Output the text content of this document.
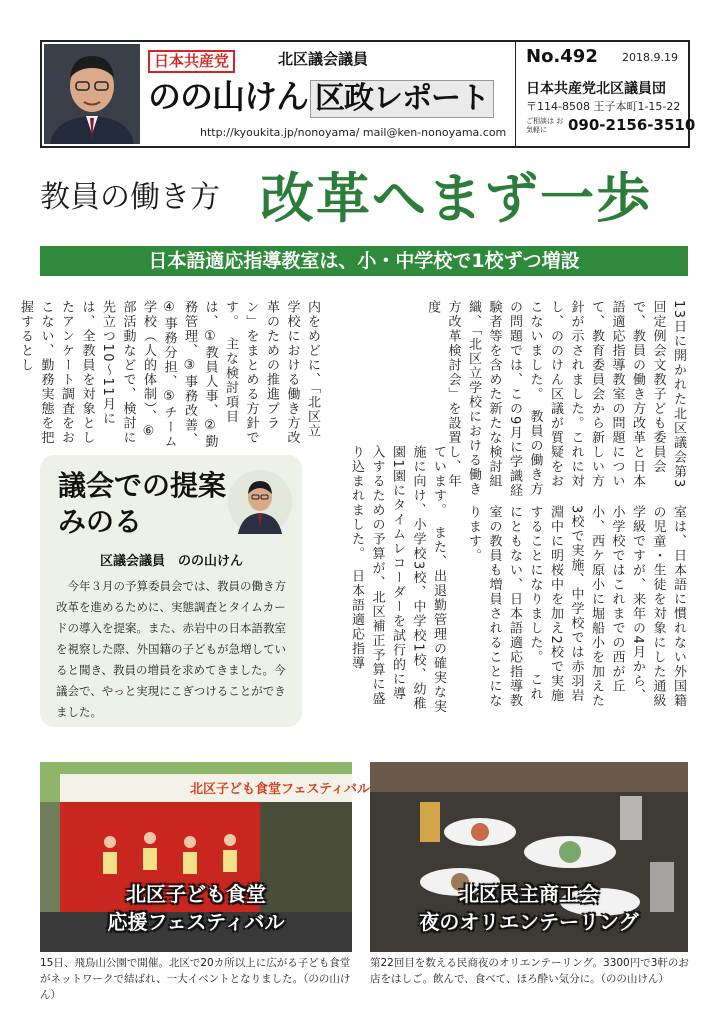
日本共産党	北区議会議員
のの山けん 区政レポート
http://kyoukita.jp/nonoyama/ mail@ken-nonoyama.com
No.492 2018.9.19
日本共産党北区議員団
〒114-8508 王子本町1-15-22
ご相談は お気軽に	090-2156-3510
教員の働き方 改革へまず一歩
日本語適応指導教室は、小・中学校で1校ずつ増設
13日に開かれた北区議会第3回定例会文教子ども委員会で、教員の働き方改革と日本語適応指導教室の問題について、教育委員会から新しい方針が示されました。これに対し、ののけん区議が質疑をおこないました。　教員の働き方の問題では、この9月に学識経験者等を含めた新たな検討組織、「北区立学校における働き方改革検討会」を設置し、年度
内をめどに、「北区立学校における働き方改革のための推進プラン」をまとめる方針です。　主な検討項目は、①教員人事、②勤務管理、③事務改善、④事務分担、⑤チーム学校（人的体制）、⑥部活動などで、検討に先立つ10〜11月には、全教員を対象としたアンケート調査をおこない、勤務実態を把握するとし
ています。　また、出退勤管理の確実な実施に向け、小学校3校、中学校1校、幼稚園1園にタイムレコーダーを試行的に導入するための予算が、北区補正予算に盛り込まれました。　日本語適応指導	室は、日本語に慣れない外国籍の児童・生徒を対象にした通級学級ですが、来年の4月から、小学校ではこれまでの西が丘小、西ケ原小に堀船小を加えた3校で実施、中学校では赤羽岩淵中に明桜中を加え2校で実施することになりました。　これにともない、日本語適応指導教室の教員も増員されることになります。
議会での提案みのる
区議会議員　のの山けん
今年３月の予算委員会では、教員の働き方改革を進めるために、実態調査とタイムカードの導入を提案。また、赤岩中の日本語教室を視察した際、外国籍の子どもが急増していると聞き、教員の増員を求めてきました。今議会で、やっと実現にこぎつけることができました。
北区子ども食堂フェスティバル
北区子ども食堂
応援フェスティバル
15日、飛鳥山公園で開催。北区で20カ所以上に広がる子ども食堂がネットワークで結ばれ、一大イベントとなりました。（のの山けん）
北区民主商工会
夜のオリエンテーリング
第22回目を数える民商夜のオリエンテーリング。3300円で3軒のお店をはしご。飲んで、食べて、ほろ酔い気分に。（のの山けん）
